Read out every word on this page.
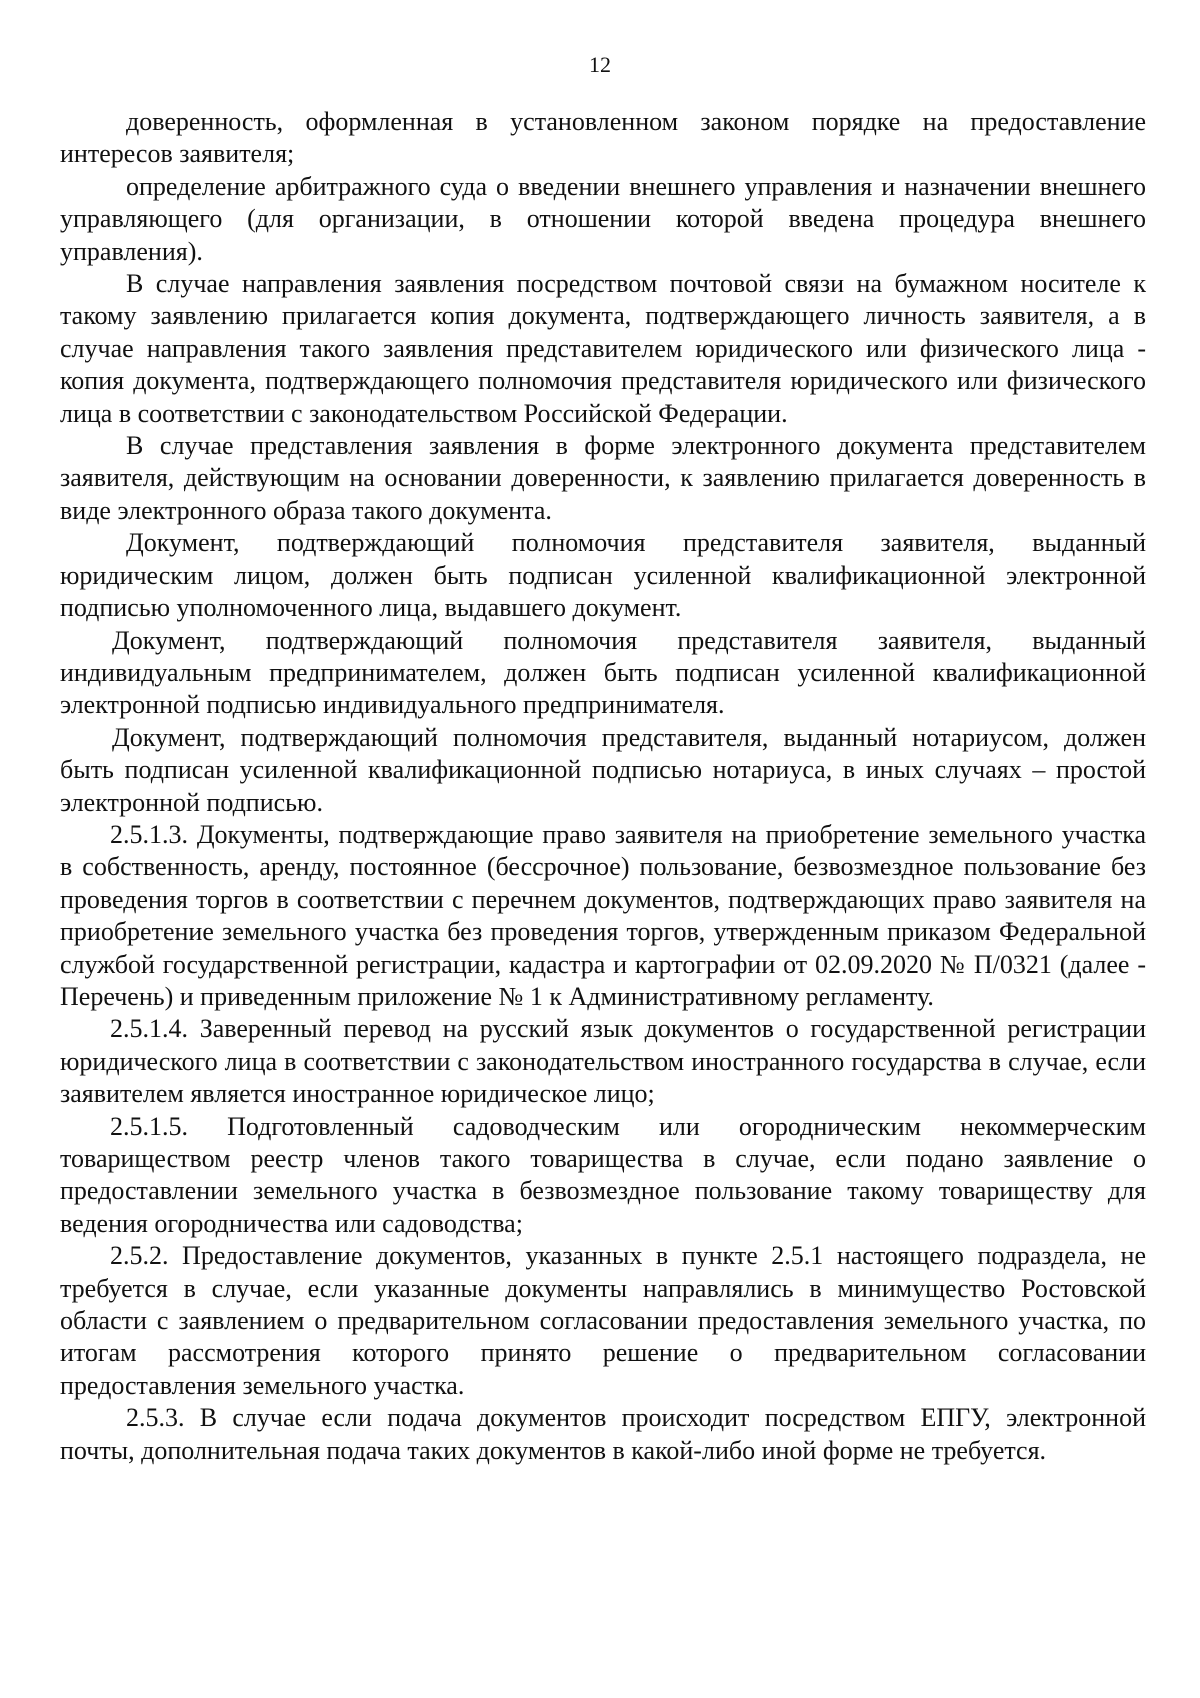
12

доверенность, оформленная в установленном законом порядке на предоставление интересов заявителя;

определение арбитражного суда о введении внешнего управления и назначении внешнего управляющего (для организации, в отношении которой введена процедура внешнего управления).

В случае направления заявления посредством почтовой связи на бумажном носителе к такому заявлению прилагается копия документа, подтверждающего личность заявителя, а в случае направления такого заявления представителем юридического или физического лица - копия документа, подтверждающего полномочия представителя юридического или физического лица в соответствии с законодательством Российской Федерации.

В случае представления заявления в форме электронного документа представителем заявителя, действующим на основании доверенности, к заявлению прилагается доверенность в виде электронного образа такого документа.

Документ, подтверждающий полномочия представителя заявителя, выданный юридическим лицом, должен быть подписан усиленной квалификационной электронной подписью уполномоченного лица, выдавшего документ.

Документ, подтверждающий полномочия представителя заявителя, выданный индивидуальным предпринимателем, должен быть подписан усиленной квалификационной электронной подписью индивидуального предпринимателя.

Документ, подтверждающий полномочия представителя, выданный нотариусом, должен быть подписан усиленной квалификационной подписью нотариуса, в иных случаях – простой электронной подписью.

2.5.1.3. Документы, подтверждающие право заявителя на приобретение земельного участка в собственность, аренду, постоянное (бессрочное) пользование, безвозмездное пользование без проведения торгов в соответствии с перечнем документов, подтверждающих право заявителя на приобретение земельного участка без проведения торгов, утвержденным приказом Федеральной службой государственной регистрации, кадастра и картографии от 02.09.2020 № П/0321 (далее - Перечень) и приведенным приложение № 1 к Административному регламенту.

2.5.1.4. Заверенный перевод на русский язык документов о государственной регистрации юридического лица в соответствии с законодательством иностранного государства в случае, если заявителем является иностранное юридическое лицо;

2.5.1.5. Подготовленный садоводческим или огородническим некоммерческим товариществом реестр членов такого товарищества в случае, если подано заявление о предоставлении земельного участка в безвозмездное пользование такому товариществу для ведения огородничества или садоводства;

2.5.2. Предоставление документов, указанных в пункте 2.5.1 настоящего подраздела, не требуется в случае, если указанные документы направлялись в минимущество Ростовской области с заявлением о предварительном согласовании предоставления земельного участка, по итогам рассмотрения которого принято решение о предварительном согласовании предоставления земельного участка.

2.5.3. В случае если подача документов происходит посредством ЕПГУ, электронной почты, дополнительная подача таких документов в какой-либо иной форме не требуется.
